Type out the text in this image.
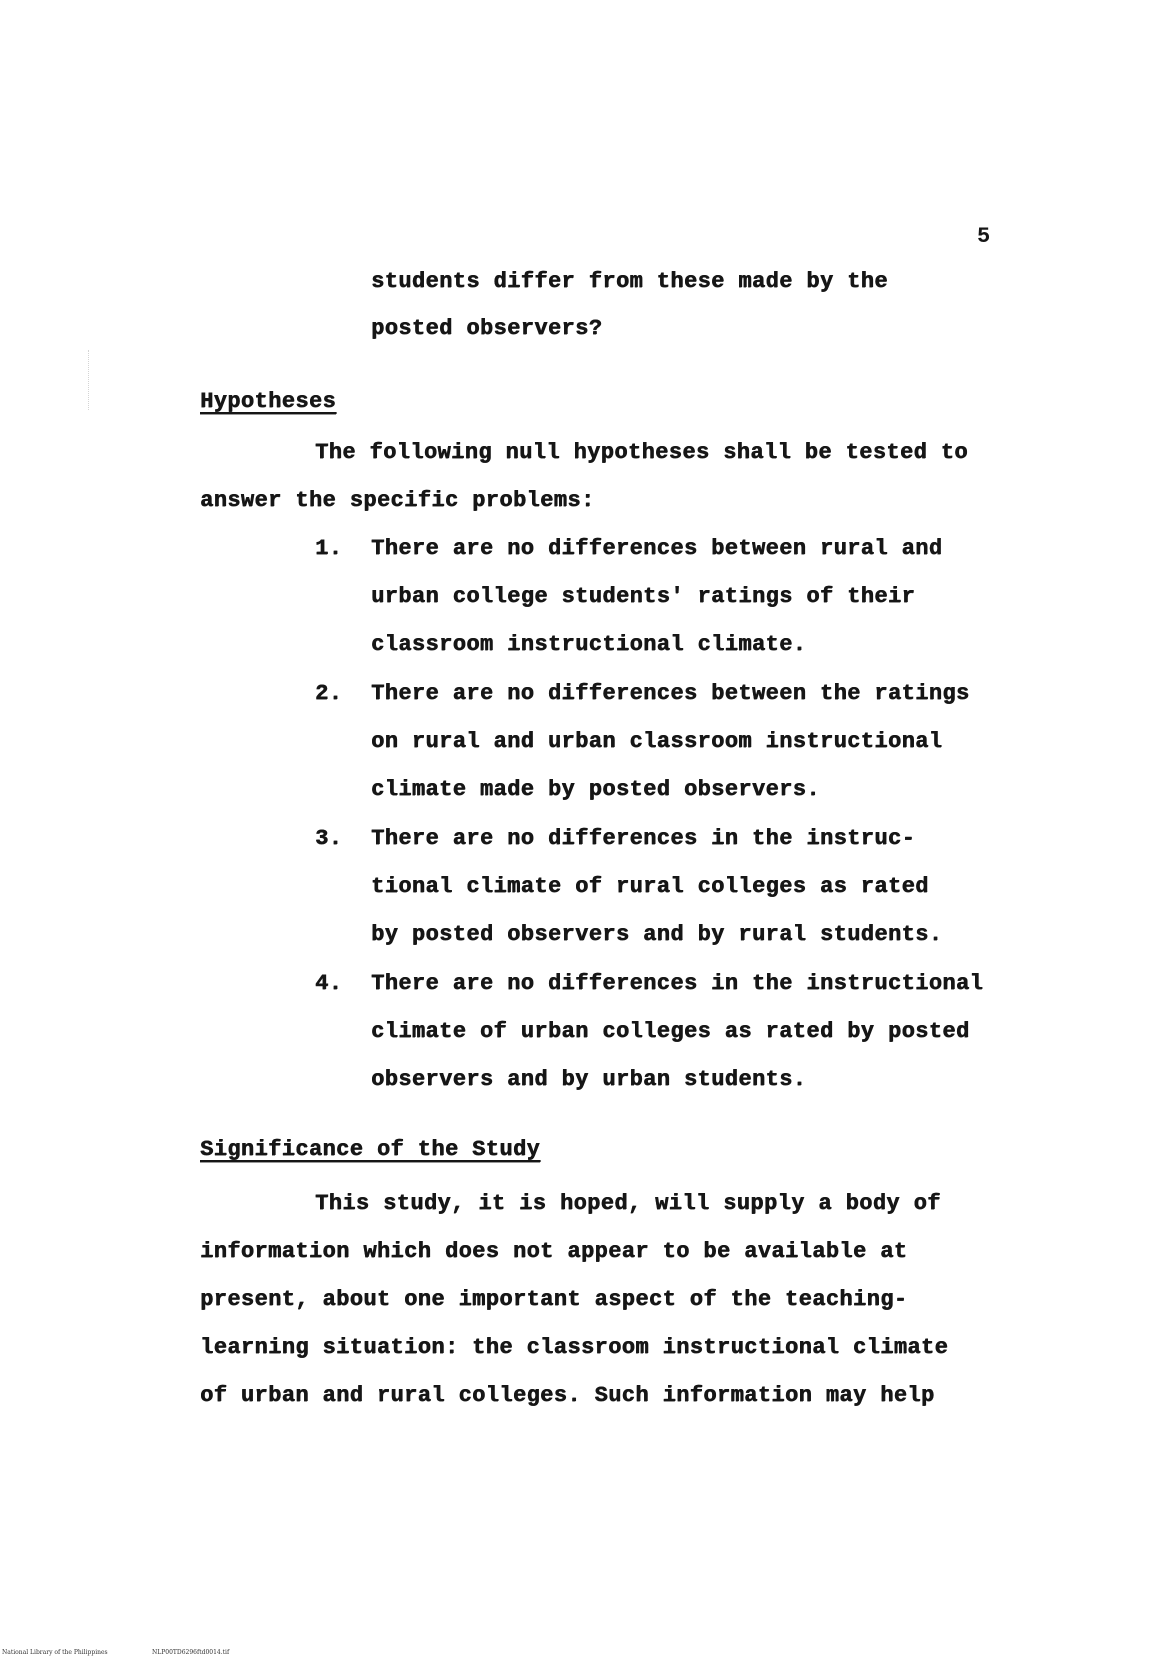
5
students differ from these made by the
posted observers?
Hypotheses
The following null hypotheses shall be tested to
answer the specific problems:
1. There are no differences between rural and
urban college students' ratings of their
classroom instructional climate.
2. There are no differences between the ratings
on rural and urban classroom instructional
climate made by posted observers.
3. There are no differences in the instruc-
tional climate of rural colleges as rated
by posted observers and by rural students.
4. There are no differences in the instructional
climate of urban colleges as rated by posted
observers and by urban students.
Significance of the Study
This study, it is hoped, will supply a body of
information which does not appear to be available at
present, about one important aspect of the teaching-
learning situation: the classroom instructional climate
of urban and rural colleges. Such information may help
National Library of the Philippines	NLP00TD6296ftd0014.tif
